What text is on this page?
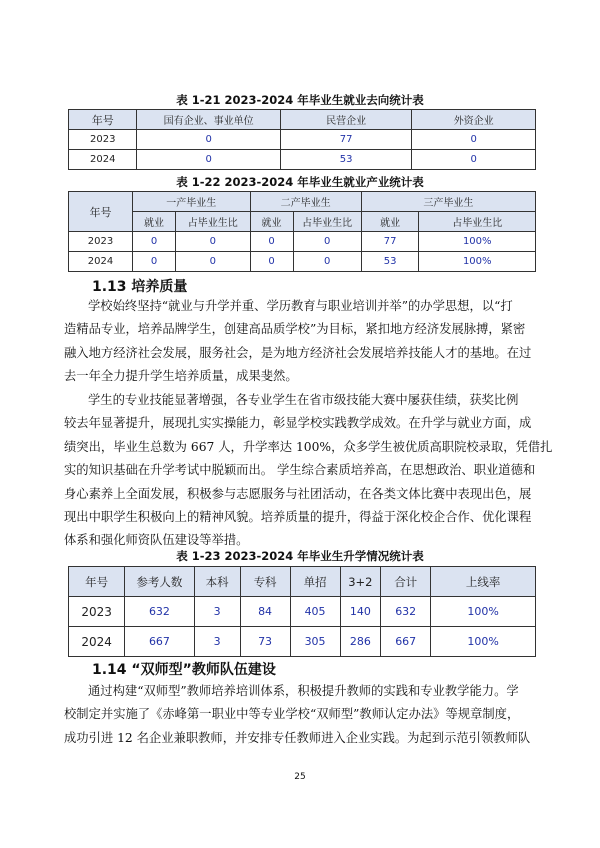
表 1-21 2023-2024 年毕业生就业去向统计表
年号	国有企业、事业单位	民营企业	外资企业
2023	0	77	0
2024	0	53	0
表 1-22 2023-2024 年毕业生就业产业统计表
年号	一产毕业生		二产毕业生		三产毕业生	
	就业	占毕业生比	就业	占毕业生比	就业	占毕业生比
2023	0	0	0	0	77	100%
2024	0	0	0	0	53	100%
1.13 培养质量
学校始终坚持“就业与升学并重、学历教育与职业培训并举”的办学思想，以“打
造精品专业，培养品牌学生，创建高品质学校”为目标，紧扣地方经济发展脉搏，紧密
融入地方经济社会发展，服务社会，是为地方经济社会发展培养技能人才的基地。在过
去一年全力提升学生培养质量，成果斐然。
学生的专业技能显著增强，各专业学生在省市级技能大赛中屡获佳绩，获奖比例
较去年显著提升，展现扎实实操能力，彰显学校实践教学成效。在升学与就业方面，成
绩突出，毕业生总数为 667 人，升学率达 100%，众多学生被优质高职院校录取，凭借扎
实的知识基础在升学考试中脱颖而出。 学生综合素质培养高，在思想政治、职业道德和
身心素养上全面发展，积极参与志愿服务与社团活动，在各类文体比赛中表现出色，展
现出中职学生积极向上的精神风貌。培养质量的提升，得益于深化校企合作、优化课程
体系和强化师资队伍建设等举措。
表 1-23 2023-2024 年毕业生升学情况统计表
年号	参考人数	本科	专科	单招	3+2	合计	上线率
2023	632	3	84	405	140	632	100%
2024	667	3	73	305	286	667	100%
1.14 “双师型”教师队伍建设
通过构建“双师型”教师培养培训体系，积极提升教师的实践和专业教学能力。学
校制定并实施了《赤峰第一职业中等专业学校“双师型”教师认定办法》等规章制度，
成功引进 12 名企业兼职教师，并安排专任教师进入企业实践。为起到示范引领教师队
25
